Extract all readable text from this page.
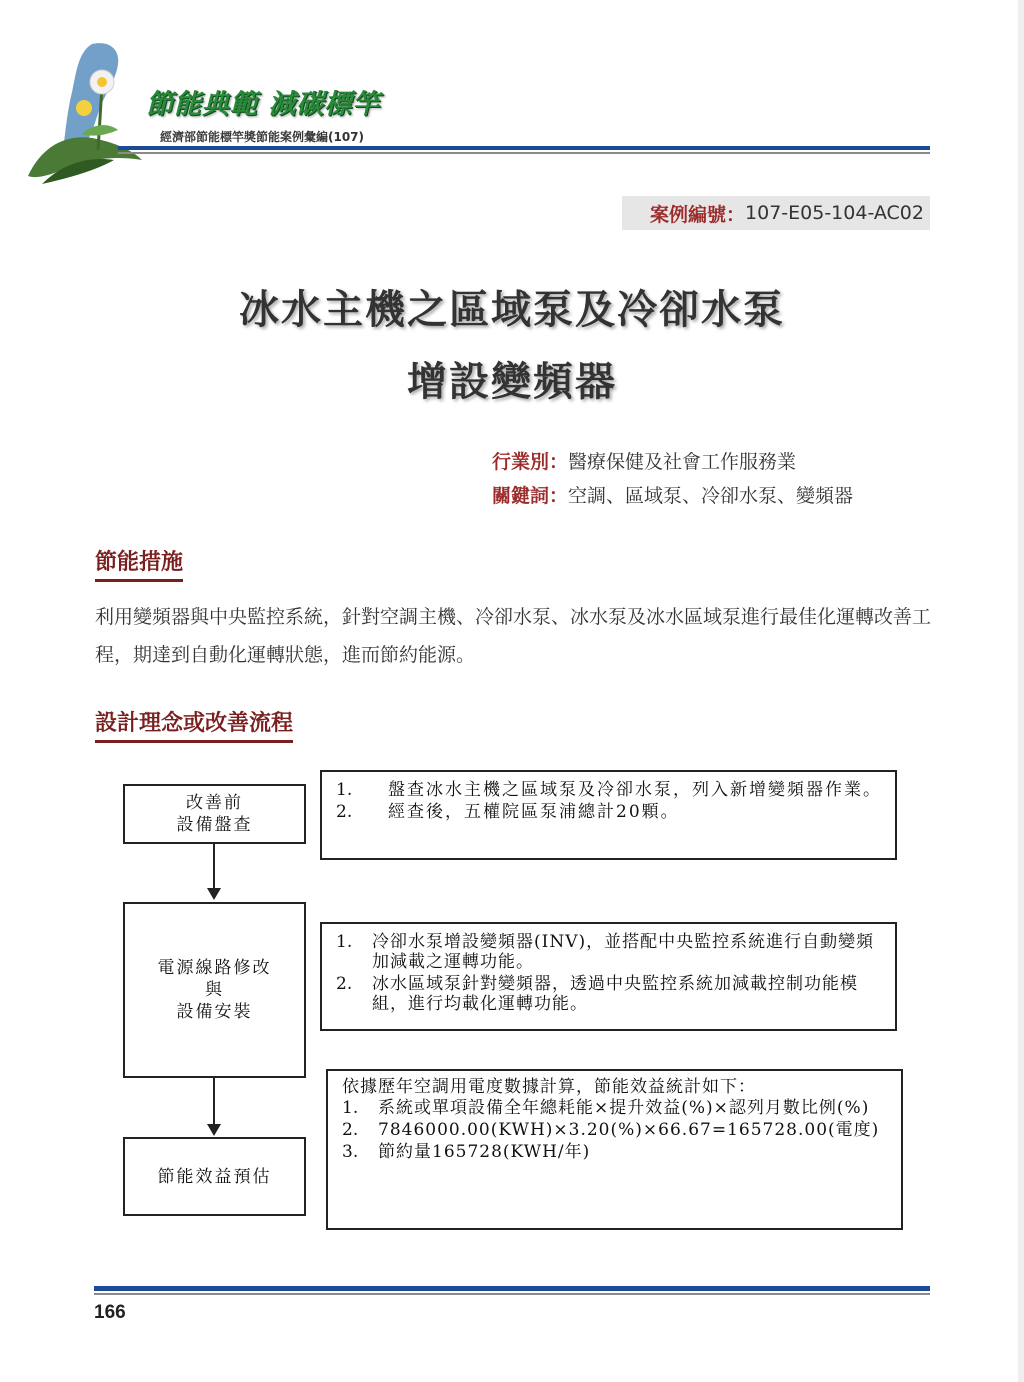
節能典範 減碳標竿
經濟部節能標竿獎節能案例彙編(107)
案例編號： 107-E05-104-AC02
冰水主機之區域泵及冷卻水泵
增設變頻器
行業別：醫療保健及社會工作服務業
關鍵詞：空調、區域泵、冷卻水泵、變頻器
節能措施
利用變頻器與中央監控系統，針對空調主機、冷卻水泵、冰水泵及冰水區域泵進行最佳化運轉改善工程，期達到自動化運轉狀態，進而節約能源。
設計理念或改善流程
改善前
設備盤查
電源線路修改
與
設備安裝
節能效益預估
1.	盤查冰水主機之區域泵及冷卻水泵，列入新增變頻器作業。
2.	經查後，五權院區泵浦總計20顆。
1.	冷卻水泵增設變頻器(INV)，並搭配中央監控系統進行自動變頻加減載之運轉功能。
2.	冰水區域泵針對變頻器，透過中央監控系統加減載控制功能模組，進行均載化運轉功能。
依據歷年空調用電度數據計算，節能效益統計如下：
1.	系統或單項設備全年總耗能×提升效益(%)×認列月數比例(%)
2.	7846000.00(KWH)×3.20(%)×66.67=165728.00(電度)
3.	節約量165728(KWH/年)
166
